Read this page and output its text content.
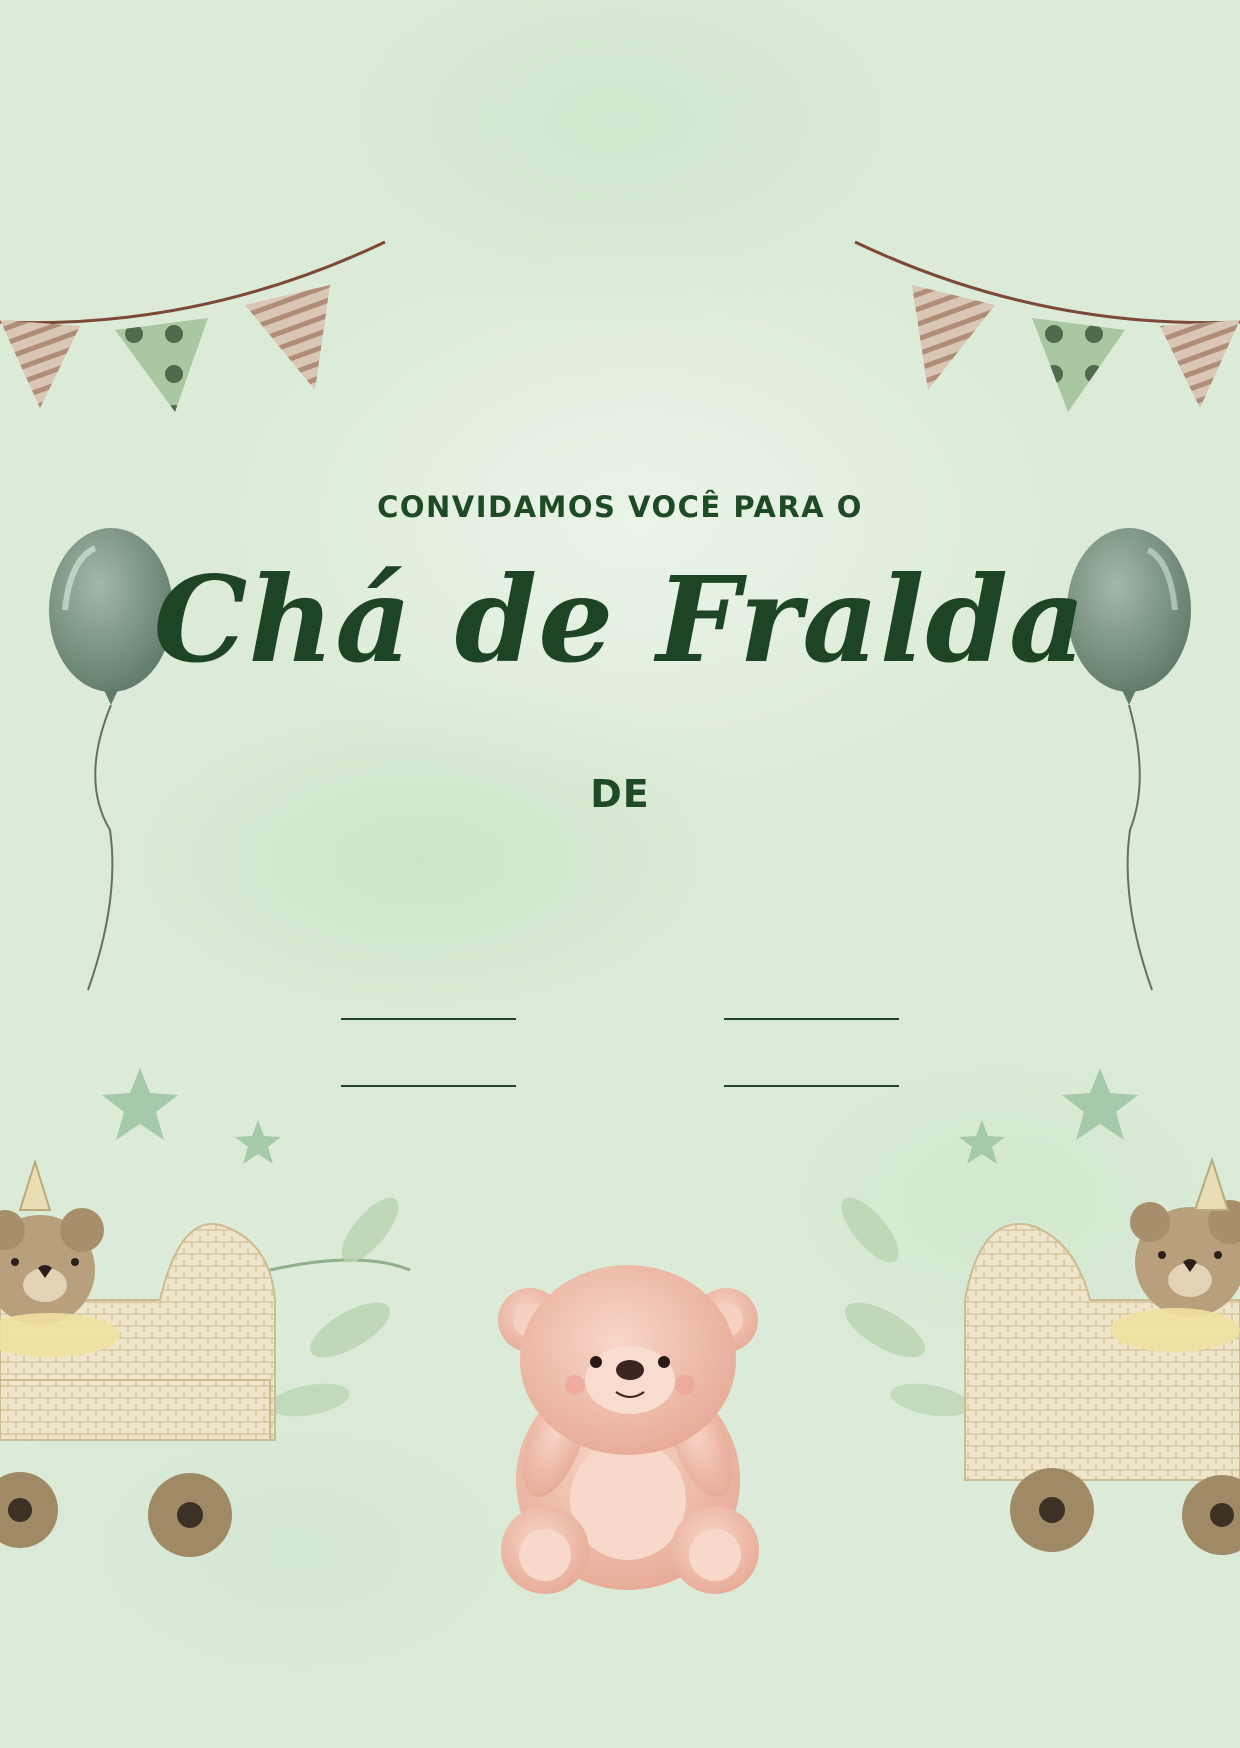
CONVIDAMOS VOCÊ PARA O
Chá de Fralda
DE
